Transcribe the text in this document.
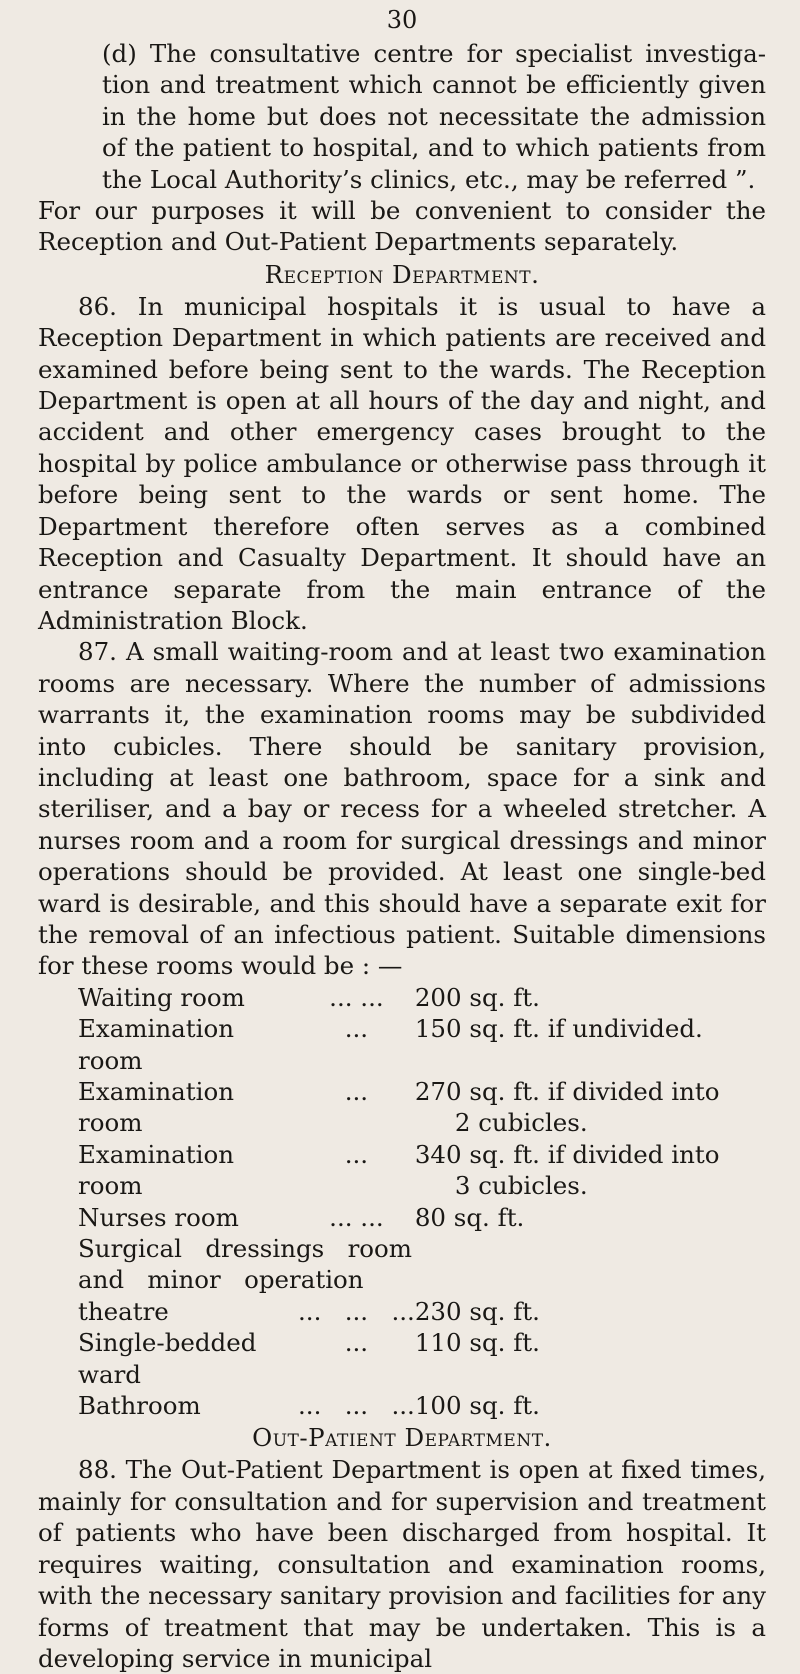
30

(d) The consultative centre for specialist investigation and treatment which cannot be efficiently given in the home but does not necessitate the admission of the patient to hospital, and to which patients from the Local Authority’s clinics, etc., may be referred ”.

For our purposes it will be convenient to consider the Reception and Out-Patient Departments separately.

Reception Department.

86. In municipal hospitals it is usual to have a Reception Department in which patients are received and examined before being sent to the wards. The Reception Department is open at all hours of the day and night, and accident and other emergency cases brought to the hospital by police ambulance or otherwise pass through it before being sent to the wards or sent home. The Department therefore often serves as a combined Reception and Casualty Department. It should have an entrance separate from the main entrance of the Administration Block.

87. A small waiting-room and at least two examination rooms are necessary. Where the number of admissions warrants it, the examination rooms may be subdivided into cubicles. There should be sanitary provision, including at least one bathroom, space for a sink and steriliser, and a bay or recess for a wheeled stretcher. A nurses room and a room for surgical dressings and minor operations should be provided. At least one single-bed ward is desirable, and this should have a separate exit for the removal of an infectious patient. Suitable dimensions for these rooms would be : —

Waiting room	... ...	200 sq. ft.
Examination room	...	150 sq. ft. if undivided.
Examination room	...	270 sq. ft. if divided into
2 cubicles.

Examination room	...	340 sq. ft. if divided into
3 cubicles.

Nurses room	... ...	80 sq. ft.
Surgical   dressings   room		
and   minor   operation		
theatre	...   ...   ...	230 sq. ft.
Single-bedded ward	...	110 sq. ft.
Bathroom	...   ...   ...	100 sq. ft.
Out-Patient Department.

88. The Out-Patient Department is open at fixed times, mainly for consultation and for supervision and treatment of patients who have been discharged from hospital. It requires waiting, consultation and examination rooms, with the necessary sanitary provision and facilities for any forms of treatment that may be undertaken. This is a developing service in municipal
